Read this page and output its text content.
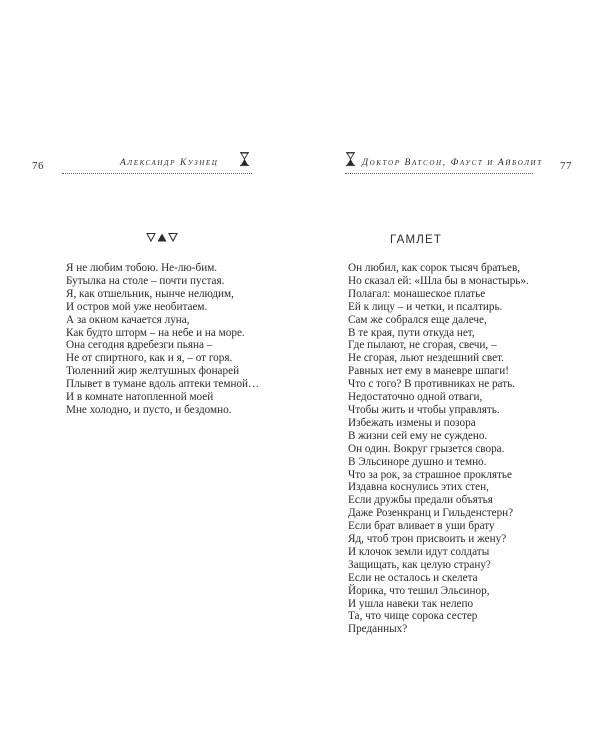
76	Александр Кузнец	Доктор Ватсон, Фауст и Айболит 77
ГАМЛЕТ
Я не любим тобою. Не-лю-бим.
Бутылка на столе – почти пустая.
Я, как отшельник, нынче нелюдим,
И остров мой уже необитаем.
А за окном качается луна,
Как будто шторм – на небе и на море.
Она сегодня вдребезги пьяна –
Не от спиртного, как и я, – от горя.
Тюленний жир желтушных фонарей
Плывет в тумане вдоль аптеки темной…
И в комнате натопленной моей
Мне холодно, и пусто, и бездомно.
Он любил, как сорок тысяч братьев,
Но сказал ей: «Шла бы в монастырь».
Полагал: монашеское платье
Ей к лицу – и четки, и псалтирь.
Сам же собрался еще далече,
В те края, пути откуда нет,
Где пылают, не сгорая, свечи, –
Не сгорая, льют нездешний свет.
Равных нет ему в маневре шпаги!
Что с того? В противниках не рать.
Недостаточно одной отваги,
Чтобы жить и чтобы управлять.
Избежать измены и позора
В жизни сей ему не суждено.
Он один. Вокруг грызется свора.
В Эльсиноре душно и темно.
Что за рок, за страшное проклятье
Издавна коснулись этих стен,
Если дружбы предали объятья
Даже Розенкранц и Гильденстерн?
Если брат вливает в уши брату
Яд, чтоб трон присвоить и жену?
И клочок земли идут солдаты
Защищать, как целую страну?
Если не осталось и скелета
Йорика, что тешил Эльсинор,
И ушла навеки так нелепо
Та, что чище сорока сестер
Преданных?
